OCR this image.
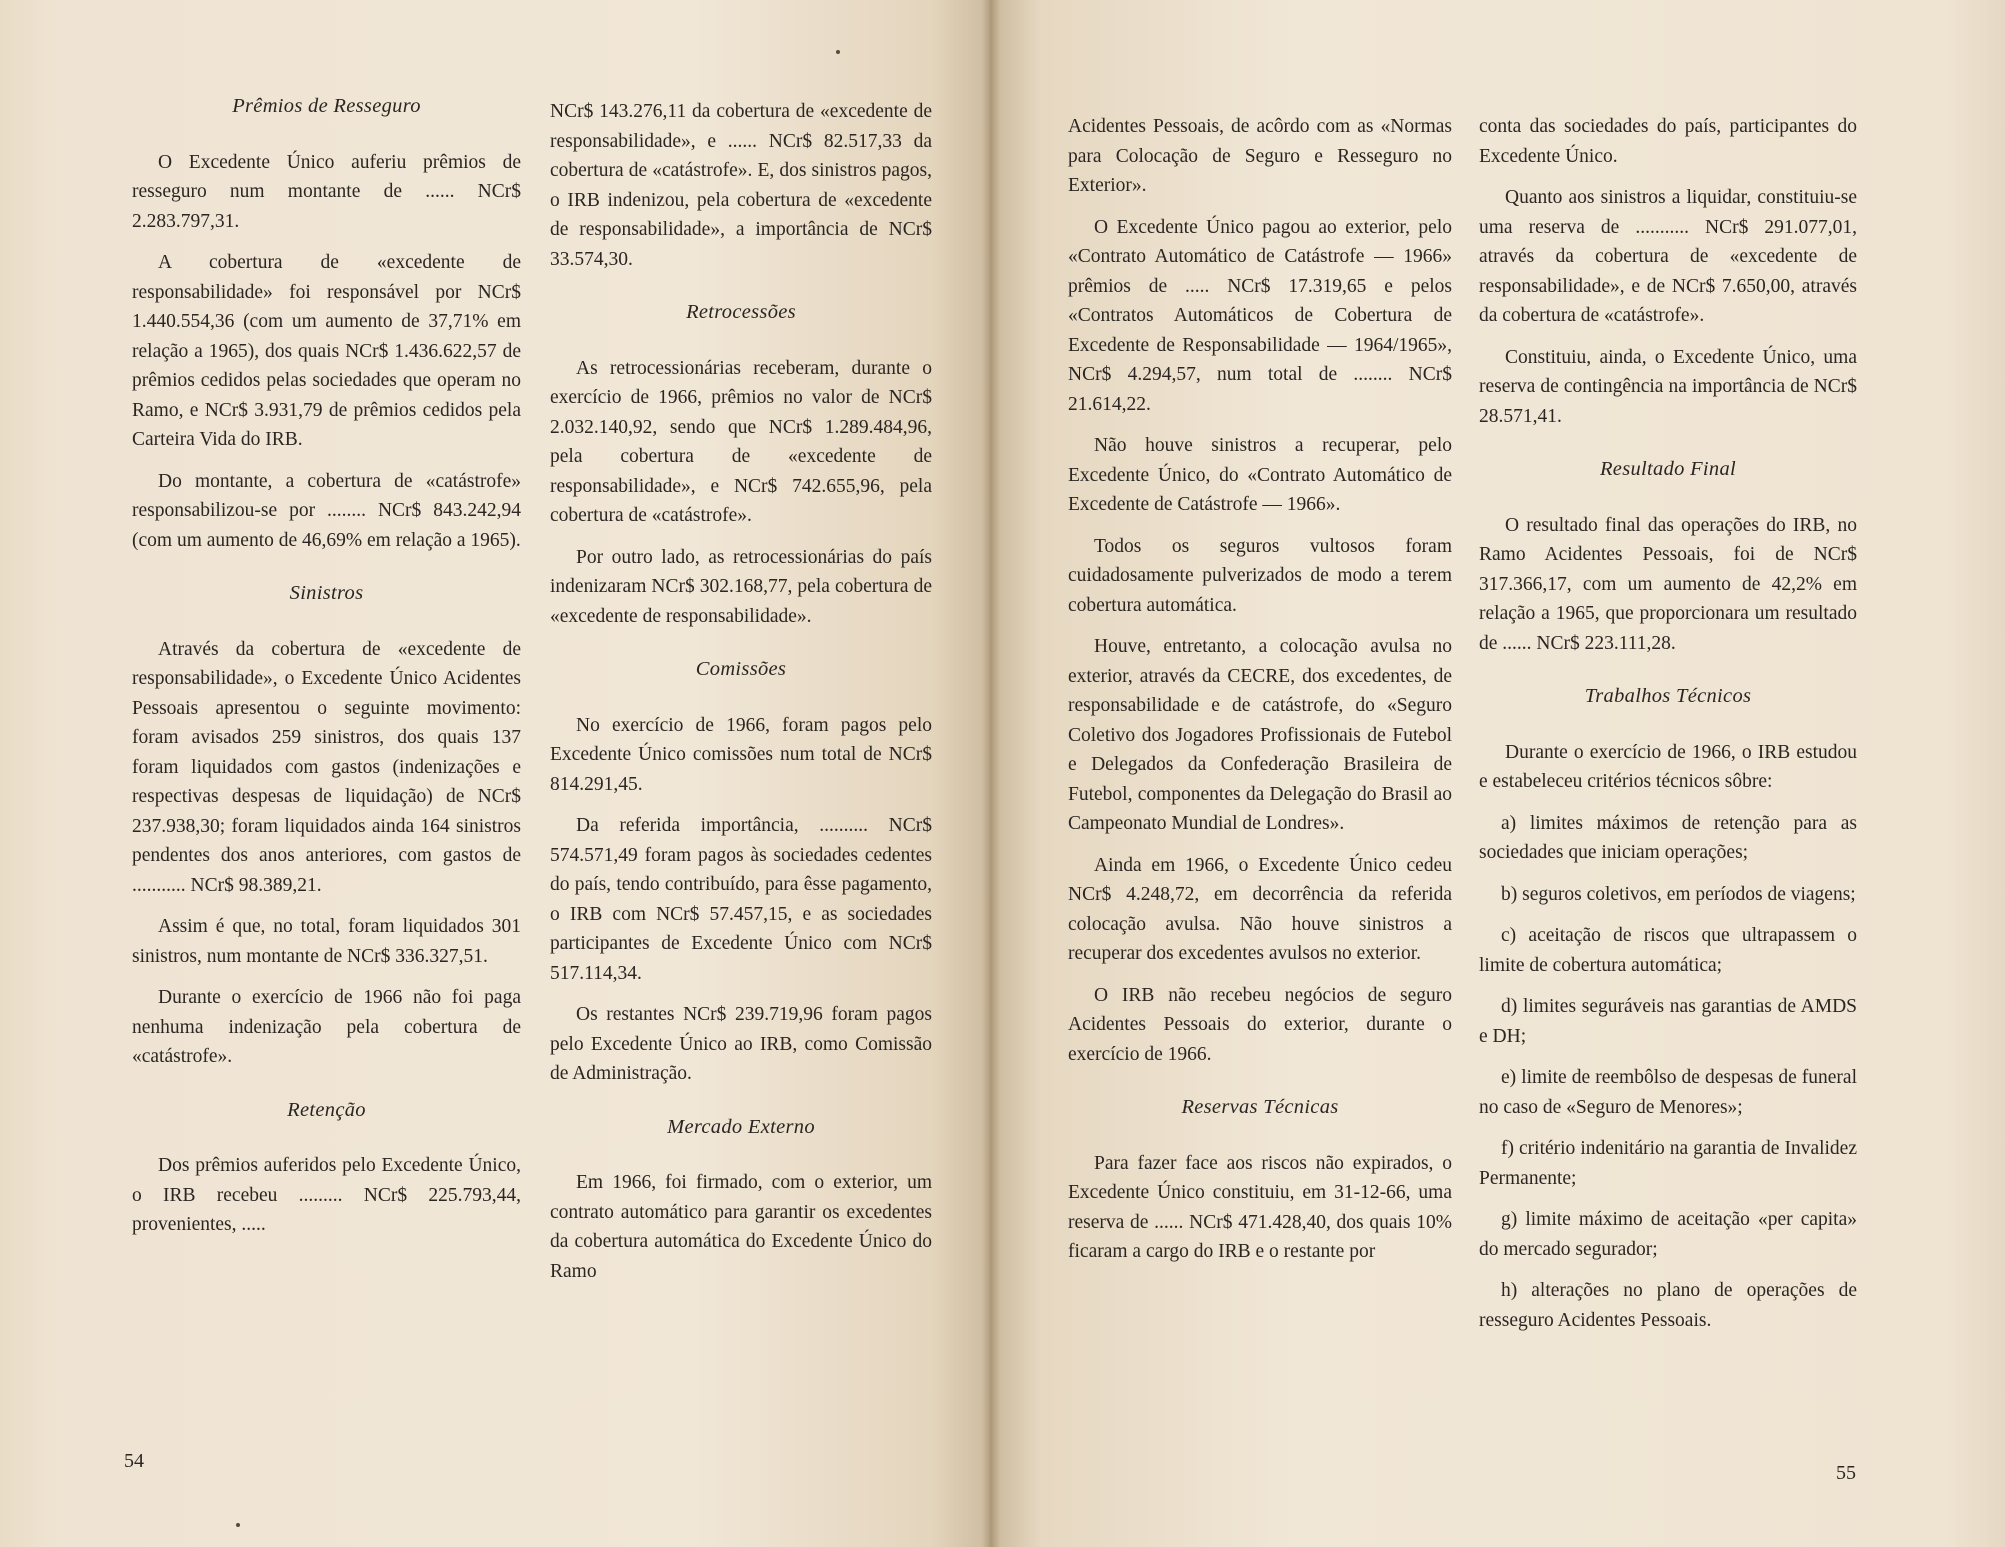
Prêmios de Resseguro

O Excedente Único auferiu prêmios de resseguro num montante de ...... NCr$ 2.283.797,31.

A cobertura de «excedente de responsabilidade» foi responsável por NCr$ 1.440.554,36 (com um aumento de 37,71% em relação a 1965), dos quais NCr$ 1.436.622,57 de prêmios cedidos pelas sociedades que operam no Ramo, e NCr$ 3.931,79 de prêmios cedidos pela Carteira Vida do IRB.

Do montante, a cobertura de «catástrofe» responsabilizou-se por ........ NCr$ 843.242,94 (com um aumento de 46,69% em relação a 1965).

Sinistros

Através da cobertura de «excedente de responsabilidade», o Excedente Único Acidentes Pessoais apresentou o seguinte movimento: foram avisados 259 sinistros, dos quais 137 foram liquidados com gastos (indenizações e respectivas despesas de liquidação) de NCr$ 237.938,30; foram liquidados ainda 164 sinistros pendentes dos anos anteriores, com gastos de ........... NCr$ 98.389,21.

Assim é que, no total, foram liquidados 301 sinistros, num montante de NCr$ 336.327,51.

Durante o exercício de 1966 não foi paga nenhuma indenização pela cobertura de «catástrofe».

Retenção

Dos prêmios auferidos pelo Excedente Único, o IRB recebeu ......... NCr$ 225.793,44, provenientes, .....

NCr$ 143.276,11 da cobertura de «excedente de responsabilidade», e ...... NCr$ 82.517,33 da cobertura de «catástrofe». E, dos sinistros pagos, o IRB indenizou, pela cobertura de «excedente de responsabilidade», a importância de NCr$ 33.574,30.

Retrocessões

As retrocessionárias receberam, durante o exercício de 1966, prêmios no valor de NCr$ 2.032.140,92, sendo que NCr$ 1.289.484,96, pela cobertura de «excedente de responsabilidade», e NCr$ 742.655,96, pela cobertura de «catástrofe».

Por outro lado, as retrocessionárias do país indenizaram NCr$ 302.168,77, pela cobertura de «excedente de responsabilidade».

Comissões

No exercício de 1966, foram pagos pelo Excedente Único comissões num total de NCr$ 814.291,45.

Da referida importância, .......... NCr$ 574.571,49 foram pagos às sociedades cedentes do país, tendo contribuído, para êsse pagamento, o IRB com NCr$ 57.457,15, e as sociedades participantes de Excedente Único com NCr$ 517.114,34.

Os restantes NCr$ 239.719,96 foram pagos pelo Excedente Único ao IRB, como Comissão de Administração.

Mercado Externo

Em 1966, foi firmado, com o exterior, um contrato automático para garantir os excedentes da cobertura automática do Excedente Único do Ramo

54

Acidentes Pessoais, de acôrdo com as «Normas para Colocação de Seguro e Resseguro no Exterior».

O Excedente Único pagou ao exterior, pelo «Contrato Automático de Catástrofe — 1966» prêmios de ..... NCr$ 17.319,65 e pelos «Contratos Automáticos de Cobertura de Excedente de Responsabilidade — 1964/1965», NCr$ 4.294,57, num total de ........ NCr$ 21.614,22.

Não houve sinistros a recuperar, pelo Excedente Único, do «Contrato Automático de Excedente de Catástrofe — 1966».

Todos os seguros vultosos foram cuidadosamente pulverizados de modo a terem cobertura automática.

Houve, entretanto, a colocação avulsa no exterior, através da CECRE, dos excedentes, de responsabilidade e de catástrofe, do «Seguro Coletivo dos Jogadores Profissionais de Futebol e Delegados da Confederação Brasileira de Futebol, componentes da Delegação do Brasil ao Campeonato Mundial de Londres».

Ainda em 1966, o Excedente Único cedeu NCr$ 4.248,72, em decorrência da referida colocação avulsa. Não houve sinistros a recuperar dos excedentes avulsos no exterior.

O IRB não recebeu negócios de seguro Acidentes Pessoais do exterior, durante o exercício de 1966.

Reservas Técnicas

Para fazer face aos riscos não expirados, o Excedente Único constituiu, em 31-12-66, uma reserva de ...... NCr$ 471.428,40, dos quais 10% ficaram a cargo do IRB e o restante por

conta das sociedades do país, participantes do Excedente Único.

Quanto aos sinistros a liquidar, constituiu-se uma reserva de ........... NCr$ 291.077,01, através da cobertura de «excedente de responsabilidade», e de NCr$ 7.650,00, através da cobertura de «catástrofe».

Constituiu, ainda, o Excedente Único, uma reserva de contingência na importância de NCr$ 28.571,41.

Resultado Final

O resultado final das operações do IRB, no Ramo Acidentes Pessoais, foi de NCr$ 317.366,17, com um aumento de 42,2% em relação a 1965, que proporcionara um resultado de ...... NCr$ 223.111,28.

Trabalhos Técnicos

Durante o exercício de 1966, o IRB estudou e estabeleceu critérios técnicos sôbre:

a) limites máximos de retenção para as sociedades que iniciam operações;

b) seguros coletivos, em períodos de viagens;

c) aceitação de riscos que ultrapassem o limite de cobertura automática;

d) limites seguráveis nas garantias de AMDS e DH;

e) limite de reembôlso de despesas de funeral no caso de «Seguro de Menores»;

f) critério indenitário na garantia de Invalidez Permanente;

g) limite máximo de aceitação «per capita» do mercado segurador;

h) alterações no plano de operações de resseguro Acidentes Pessoais.

55
